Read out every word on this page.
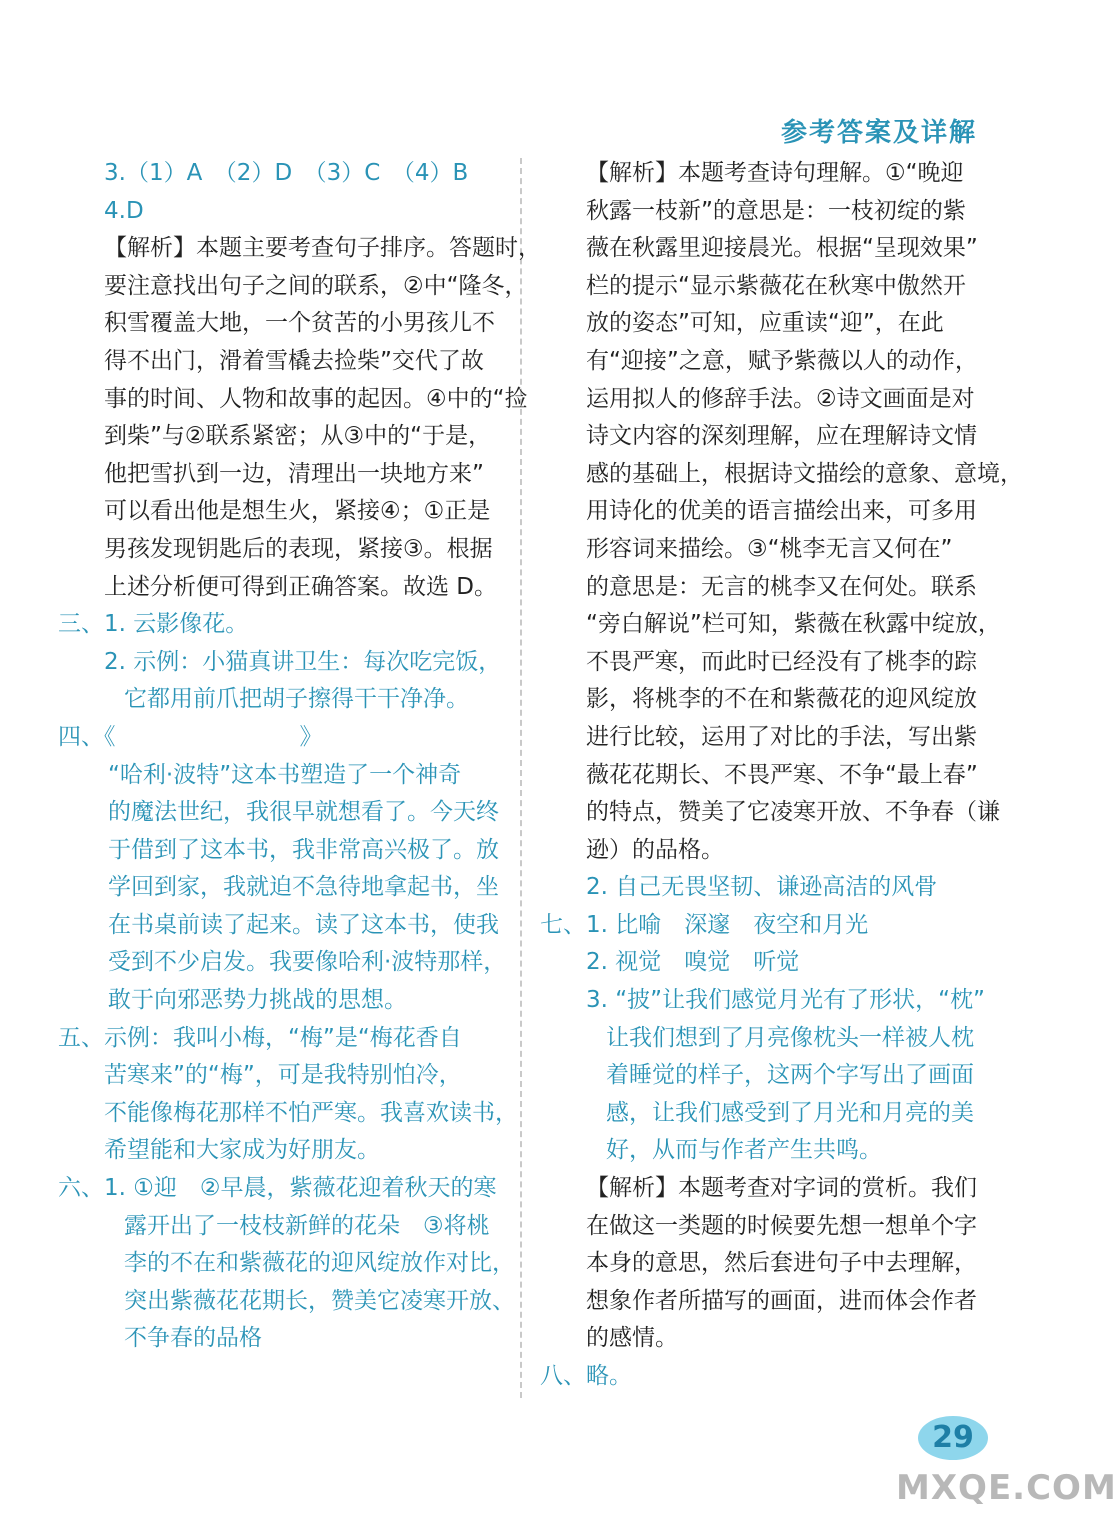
参考答案及详解
3.（1）A　（2）D　（3）C　（4）B
4.D
【解析】本题主要考查句子排序。答题时，
要注意找出句子之间的联系，②中“隆冬，
积雪覆盖大地，一个贫苦的小男孩儿不
得不出门，滑着雪橇去捡柴”交代了故
事的时间、人物和故事的起因。④中的“捡
到柴”与②联系紧密；从③中的“于是，
他把雪扒到一边，清理出一块地方来”
可以看出他是想生火，紧接④；①正是
男孩发现钥匙后的表现，紧接③。根据
上述分析便可得到正确答案。故选 D。
三、1. 云影像花。
2. 示例：小猫真讲卫生：每次吃完饭，
它都用前爪把胡子擦得干干净净。
四、《　　　　　　　　》
“哈利·波特”这本书塑造了一个神奇
的魔法世纪，我很早就想看了。今天终
于借到了这本书，我非常高兴极了。放
学回到家，我就迫不急待地拿起书，坐
在书桌前读了起来。读了这本书，使我
受到不少启发。我要像哈利·波特那样，
敢于向邪恶势力挑战的思想。
五、示例：我叫小梅，“梅”是“梅花香自
苦寒来”的“梅”，可是我特别怕冷，
不能像梅花那样不怕严寒。我喜欢读书，
希望能和大家成为好朋友。
六、1. ①迎　②早晨，紫薇花迎着秋天的寒
露开出了一枝枝新鲜的花朵　③将桃
李的不在和紫薇花的迎风绽放作对比，
突出紫薇花花期长，赞美它凌寒开放、
不争春的品格
【解析】本题考查诗句理解。①“晚迎
秋露一枝新”的意思是：一枝初绽的紫
薇在秋露里迎接晨光。根据“呈现效果”
栏的提示“显示紫薇花在秋寒中傲然开
放的姿态”可知，应重读“迎”，在此
有“迎接”之意，赋予紫薇以人的动作，
运用拟人的修辞手法。②诗文画面是对
诗文内容的深刻理解，应在理解诗文情
感的基础上，根据诗文描绘的意象、意境，
用诗化的优美的语言描绘出来，可多用
形容词来描绘。③“桃李无言又何在”
的意思是：无言的桃李又在何处。联系
“旁白解说”栏可知，紫薇在秋露中绽放，
不畏严寒，而此时已经没有了桃李的踪
影，将桃李的不在和紫薇花的迎风绽放
进行比较，运用了对比的手法，写出紫
薇花花期长、不畏严寒、不争“最上春”
的特点，赞美了它凌寒开放、不争春（谦
逊）的品格。
2. 自己无畏坚韧、谦逊高洁的风骨
七、1. 比喻　深邃　夜空和月光
2. 视觉　嗅觉　听觉
3. “披”让我们感觉月光有了形状，“枕”
让我们想到了月亮像枕头一样被人枕
着睡觉的样子，这两个字写出了画面
感，让我们感受到了月光和月亮的美
好，从而与作者产生共鸣。
【解析】本题考查对字词的赏析。我们
在做这一类题的时候要先想一想单个字
本身的意思，然后套进句子中去理解，
想象作者所描写的画面，进而体会作者
的感情。
八、略。
29
MXQE.COM
